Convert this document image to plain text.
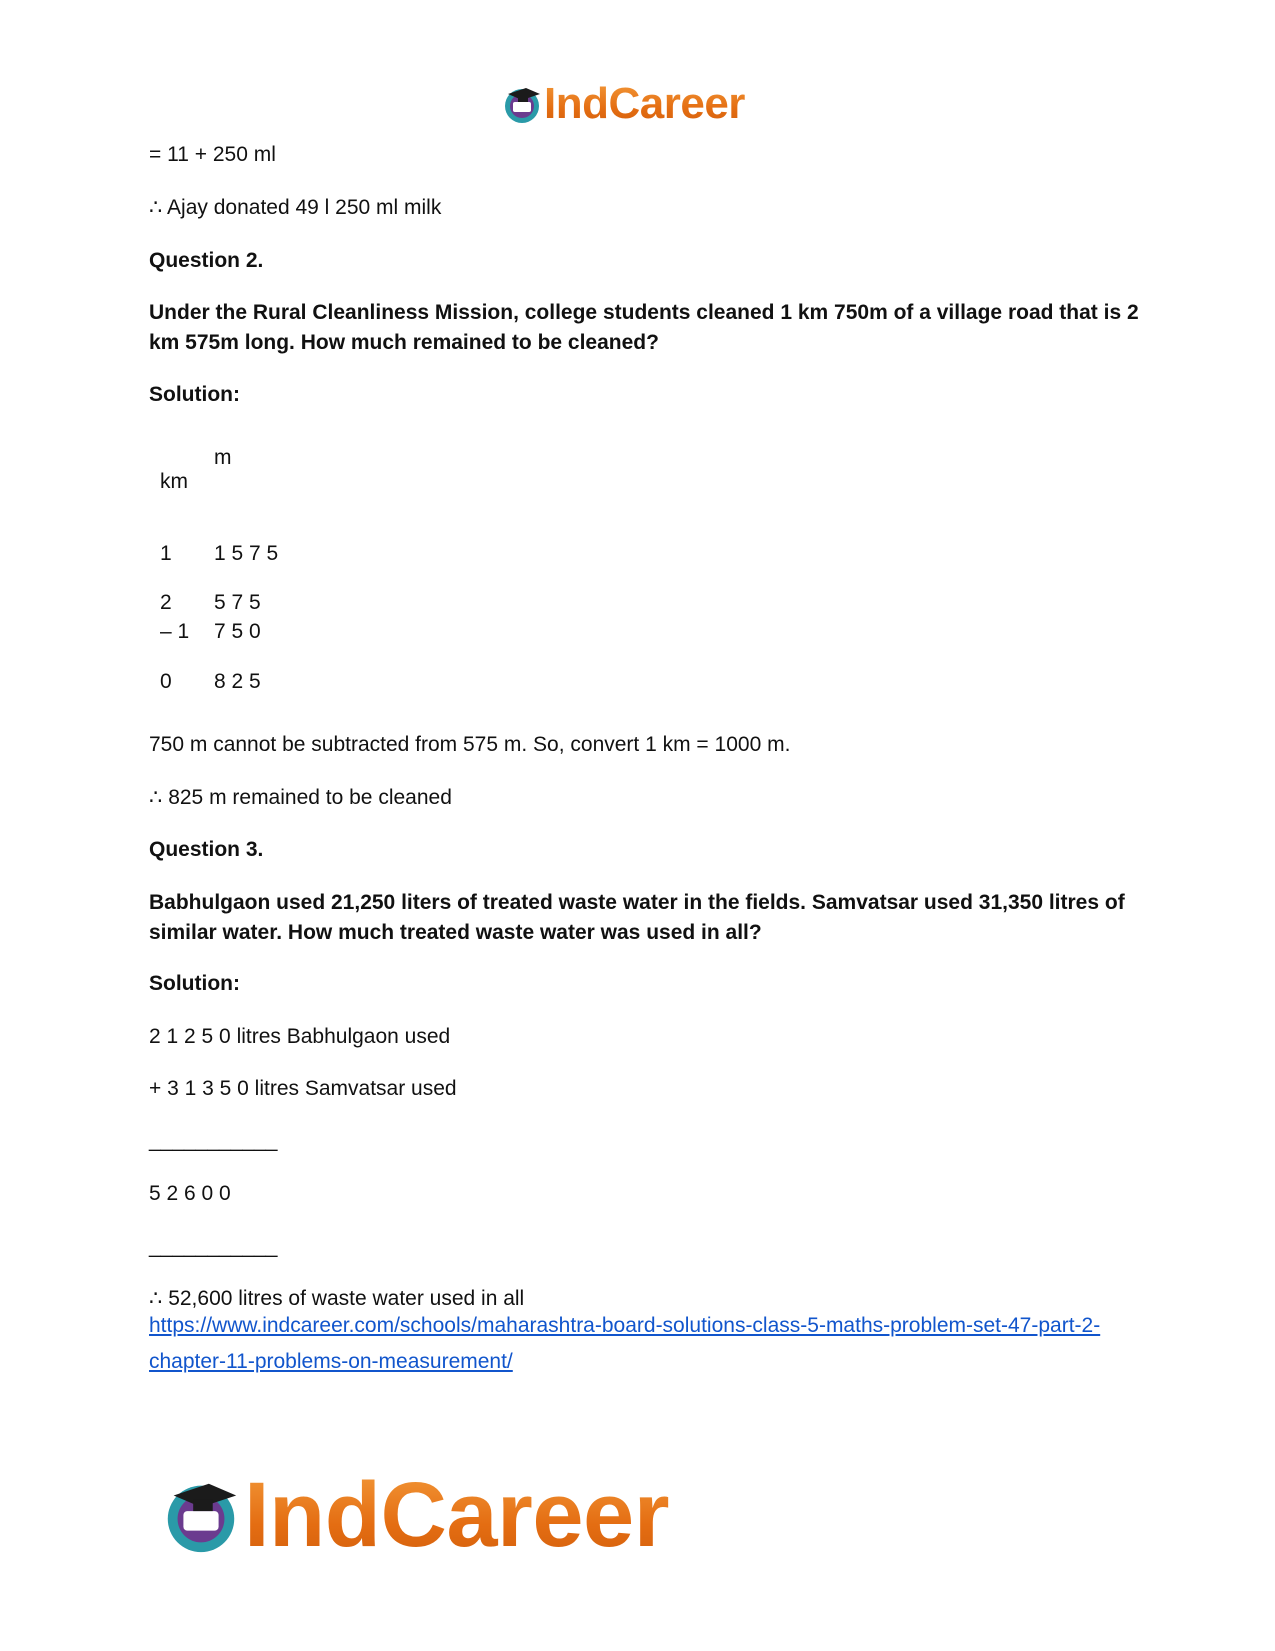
IndCareer

= 11 + 250 ml

∴ Ajay donated 49 l 250 ml milk

Question 2.

Under the Rural Cleanliness Mission, college students cleaned 1 km 750m of a village road that is 2 km 575m long. How much remained to be cleaned?

Solution:

m

km

1 1 5 7 5

2 5 7 5

– 1 7 5 0

0 8 2 5

750 m cannot be subtracted from 575 m. So, convert 1 km = 1000 m.

∴ 825 m remained to be cleaned

Question 3.

Babhulgaon used 21,250 liters of treated waste water in the fields. Samvatsar used 31,350 litres of similar water. How much treated waste water was used in all?

Solution:

2 1 2 5 0 litres Babhulgaon used

+ 3 1 3 5 0 litres Samvatsar used

___________

5 2 6 0 0

___________

∴ 52,600 litres of waste water used in all

https://www.indcareer.com/schools/maharashtra-board-solutions-class-5-maths-problem-set-47-part-2-chapter-11-problems-on-measurement/
IndCareer
